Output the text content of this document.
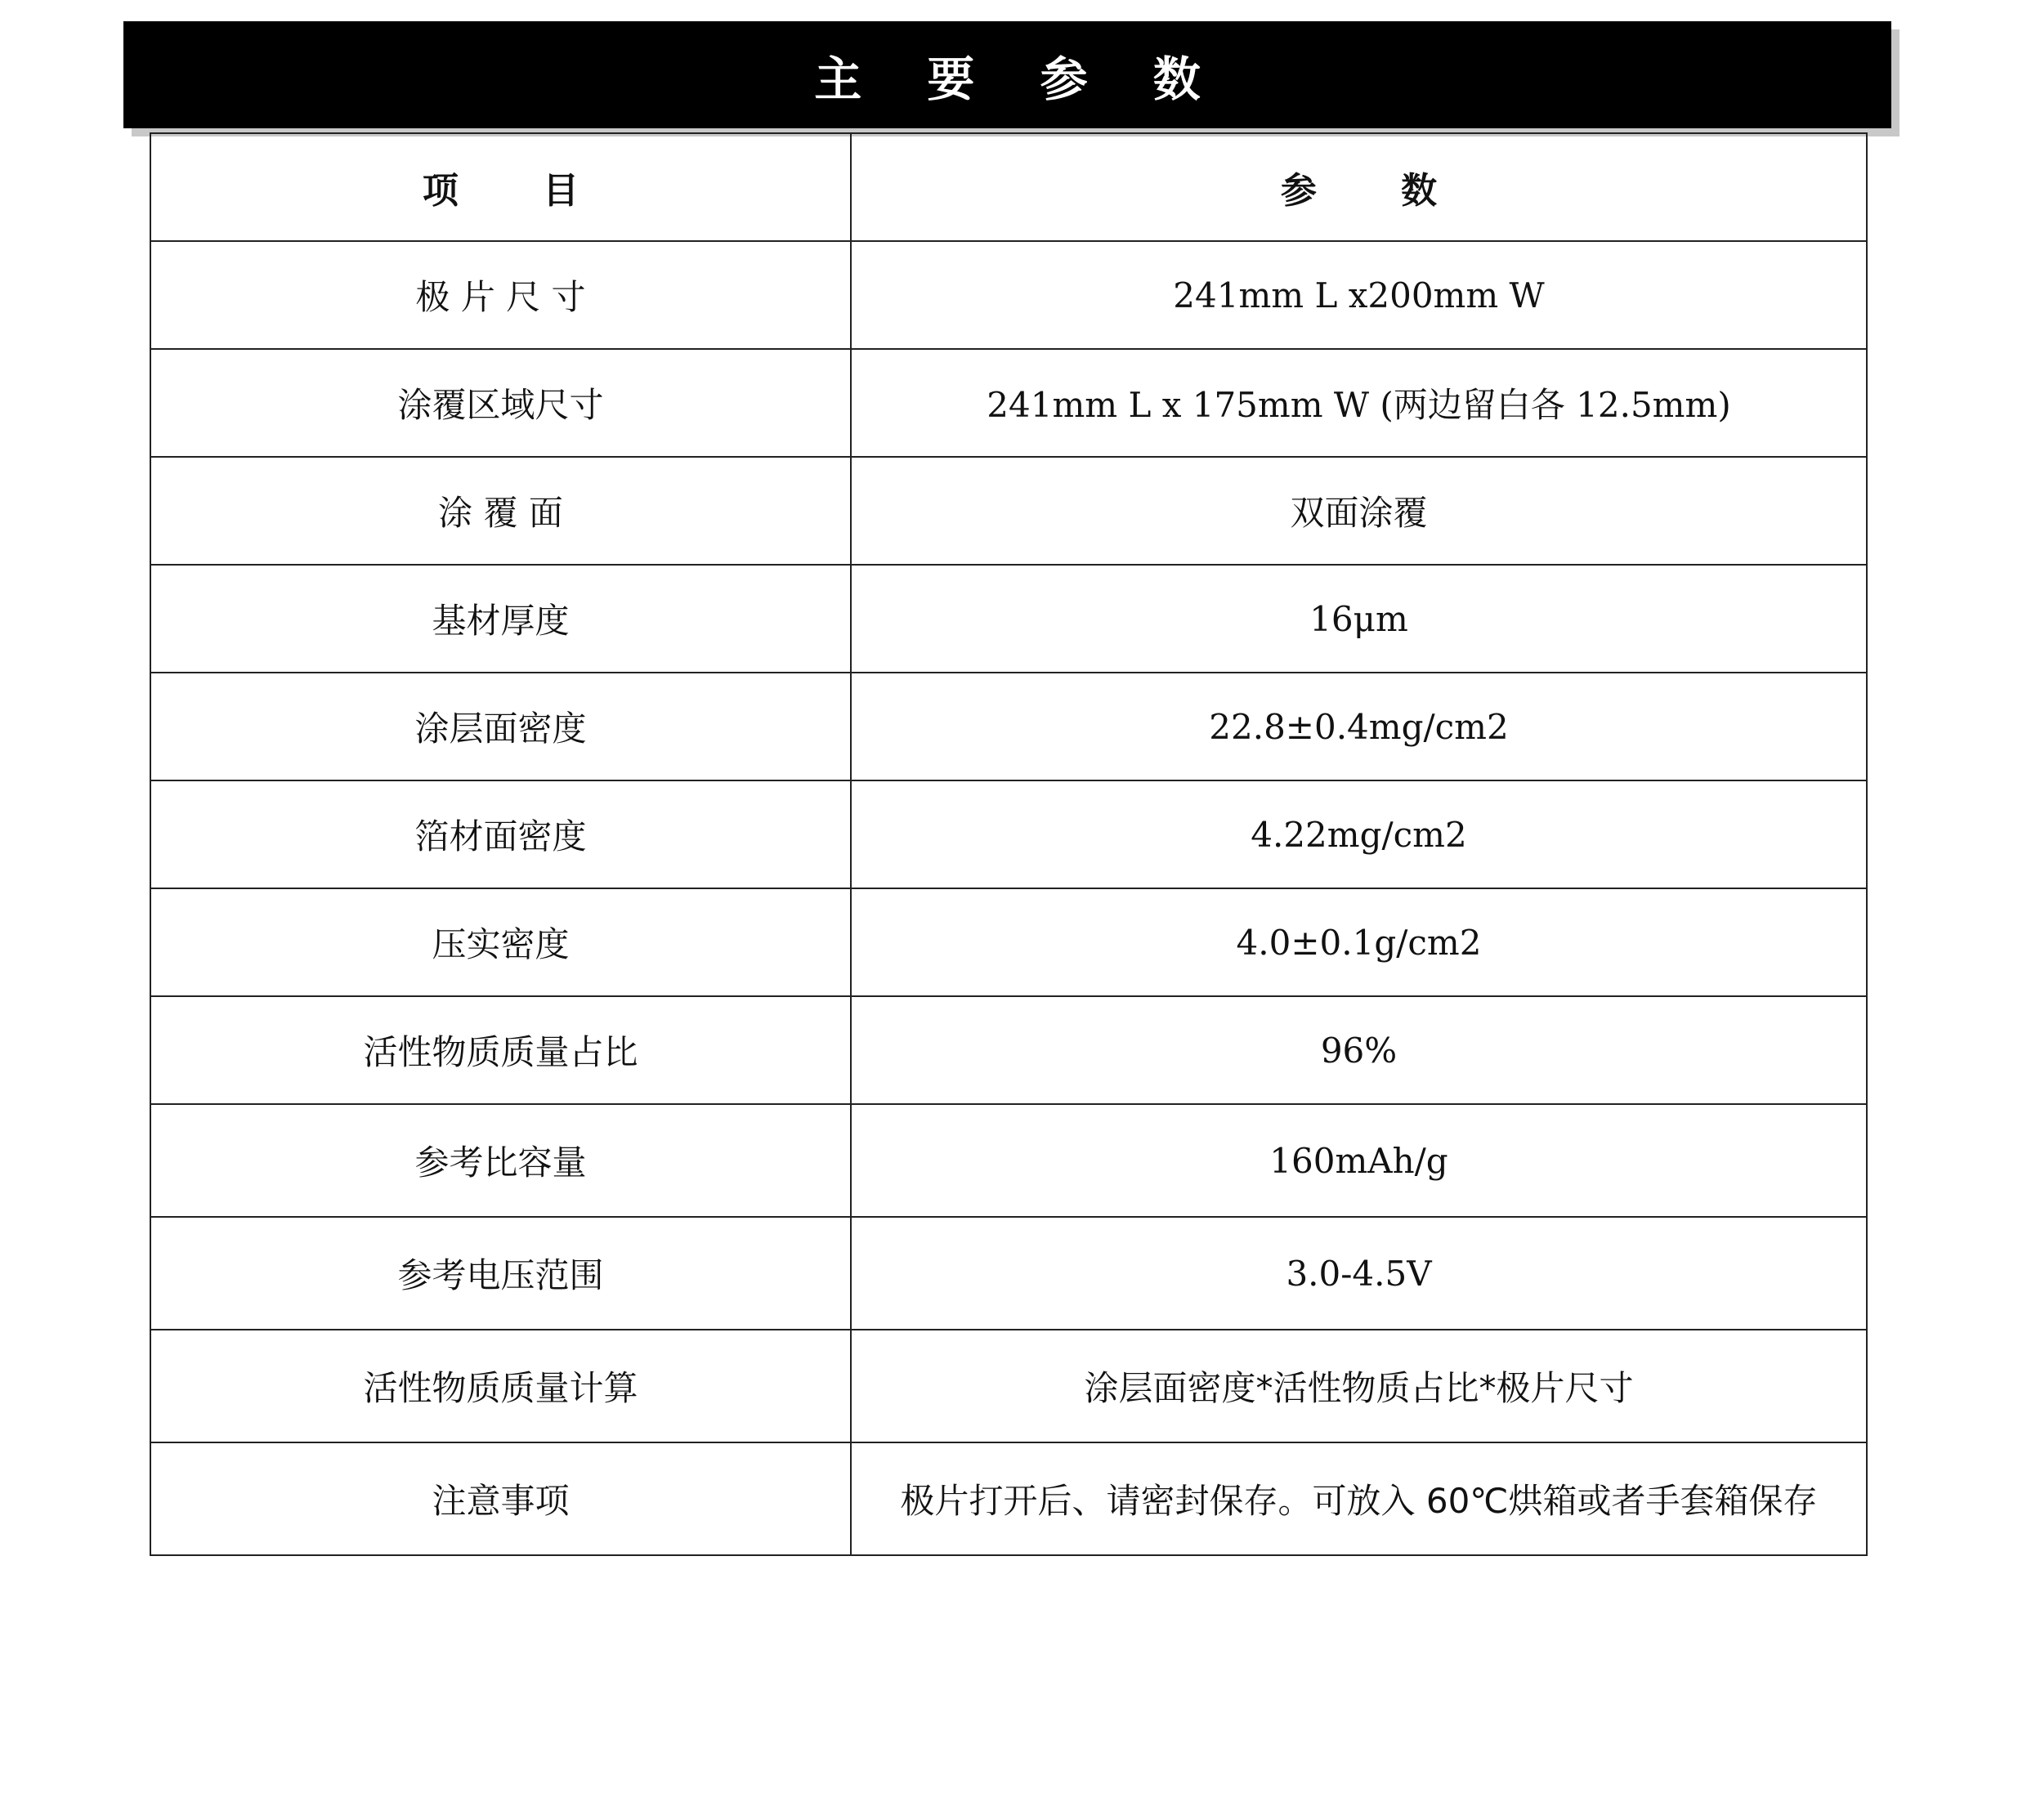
主 要 参 数
项 目	参 数
极 片 尺 寸	241mm L x200mm W
涂覆区域尺寸	241mm L x 175mm W (两边留白各 12.5mm)
涂 覆 面	双面涂覆
基材厚度	16μm
涂层面密度	22.8±0.4mg/cm2
箔材面密度	4.22mg/cm2
压实密度	4.0±0.1g/cm2
活性物质质量占比	96%
参考比容量	160mAh/g
参考电压范围	3.0-4.5V
活性物质质量计算	涂层面密度*活性物质占比*极片尺寸
注意事项	极片打开后、请密封保存。可放入 60℃烘箱或者手套箱保存
